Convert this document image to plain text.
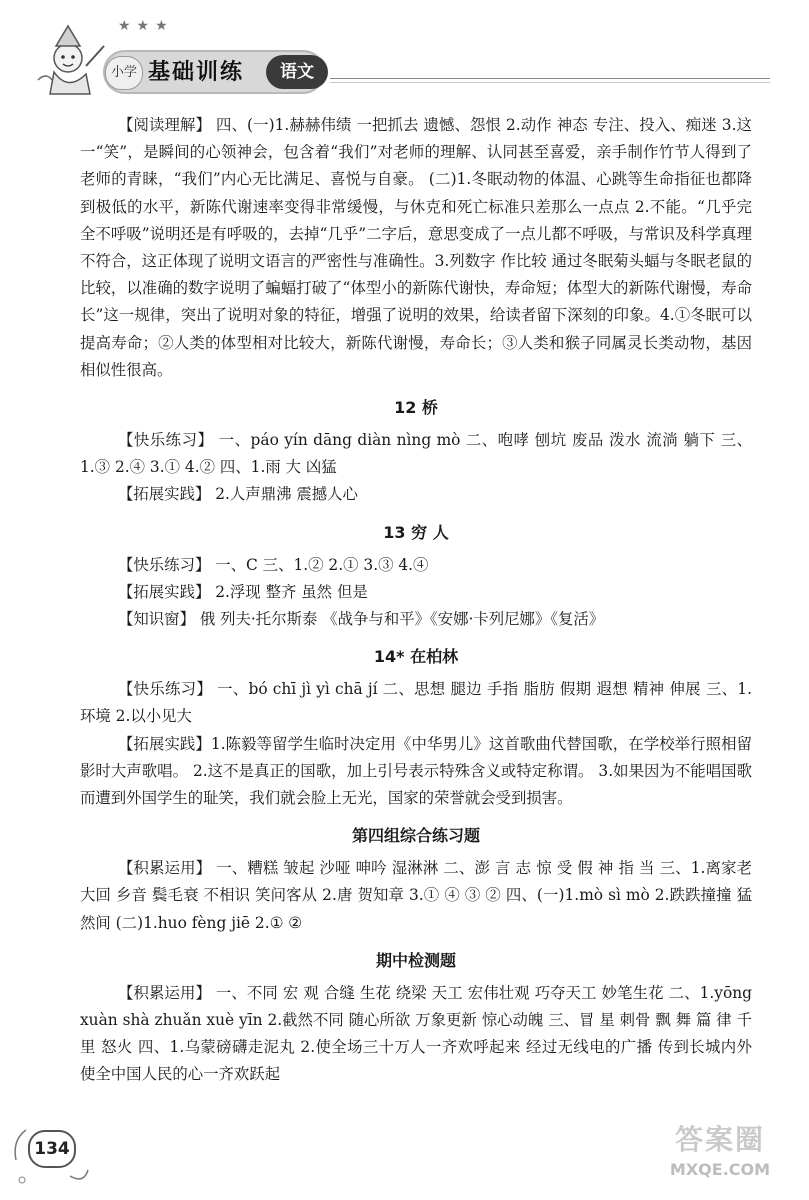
★★★
小学 基础训练	语文

【阅读理解】 四、(一)1.赫赫伟绩 一把抓去 遗憾、怨恨 2.动作 神态 专注、投入、痴迷 3.这一“笑”，是瞬间的心领神会，包含着“我们”对老师的理解、认同甚至喜爱，亲手制作竹节人得到了老师的青睐，“我们”内心无比满足、喜悦与自豪。 (二)1.冬眠动物的体温、心跳等生命指征也都降到极低的水平，新陈代谢速率变得非常缓慢，与休克和死亡标准只差那么一点点 2.不能。“几乎完全不呼吸”说明还是有呼吸的，去掉“几乎”二字后，意思变成了一点儿都不呼吸，与常识及科学真理不符合，这正体现了说明文语言的严密性与准确性。3.列数字 作比较 通过冬眠菊头蝠与冬眠老鼠的比较，以准确的数字说明了蝙蝠打破了“体型小的新陈代谢快，寿命短；体型大的新陈代谢慢，寿命长”这一规律，突出了说明对象的特征，增强了说明的效果，给读者留下深刻的印象。4.①冬眠可以提高寿命；②人类的体型相对比较大，新陈代谢慢，寿命长；③人类和猴子同属灵长类动物，基因相似性很高。

12 桥

【快乐练习】 一、páo yín dāng diàn nìng mò 二、咆哮 刨坑 废品 泼水 流淌 躺下 三、1.③ 2.④ 3.① 4.② 四、1.雨 大 凶猛

【拓展实践】 2.人声鼎沸 震撼人心

13 穷 人

【快乐练习】 一、C 三、1.② 2.① 3.③ 4.④

【拓展实践】 2.浮现 整齐 虽然 但是

【知识窗】 俄 列夫·托尔斯泰 《战争与和平》《安娜·卡列尼娜》《复活》

14* 在柏林

【快乐练习】 一、bó chī jì yì chā jí 二、思想 腿边 手指 脂肪 假期 遐想 精神 伸展 三、1.环境 2.以小见大

【拓展实践】1.陈毅等留学生临时决定用《中华男儿》这首歌曲代替国歌，在学校举行照相留影时大声歌唱。 2.这不是真正的国歌，加上引号表示特殊含义或特定称谓。 3.如果因为不能唱国歌而遭到外国学生的耻笑，我们就会脸上无光，国家的荣誉就会受到损害。

第四组综合练习题

【积累运用】 一、糟糕 皱起 沙哑 呻吟 湿淋淋 二、澎 言 志 惊 受 假 神 指 当 三、1.离家老大回 乡音 鬓毛衰 不相识 笑问客从 2.唐 贺知章 3.① ④ ③ ② 四、(一)1.mò sì mò 2.跌跌撞撞 猛然间 (二)1.huo fèng jiē 2.① ②

期中检测题

【积累运用】 一、不同 宏 观 合缝 生花 绕梁 天工 宏伟壮观 巧夺天工 妙笔生花 二、1.yōng xuàn shà zhuǎn xuè yīn 2.截然不同 随心所欲 万象更新 惊心动魄 三、冒 星 刺骨 飘 舞 篇 律 千里 怒火 四、1.乌蒙磅礴走泥丸 2.使全场三十万人一齐欢呼起来 经过无线电的广播 传到长城内外 使全中国人民的心一齐欢跃起

134	答案圈
MXQE.COM
